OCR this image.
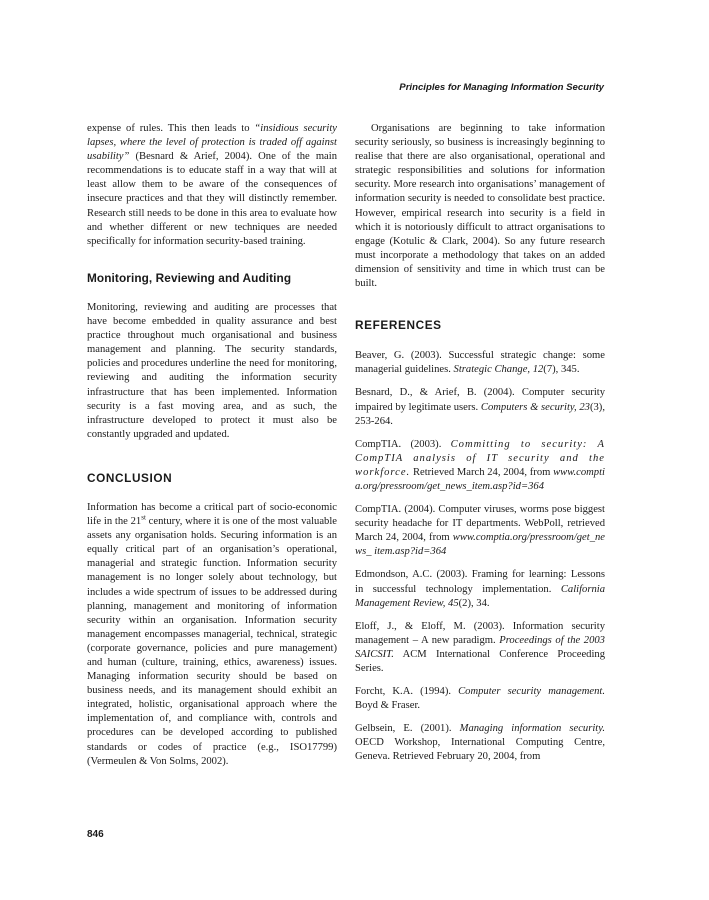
Principles for Managing Information Security

expense of rules. This then leads to “insidious security lapses, where the level of protection is traded off against usability” (Besnard & Arief, 2004). One of the main recommendations is to educate staff in a way that will at least allow them to be aware of the consequences of insecure practices and that they will distinctly remember. Research still needs to be done in this area to evaluate how and whether different or new techniques are needed specifically for information security-based training.

Monitoring, Reviewing and Auditing

Monitoring, reviewing and auditing are processes that have become embedded in quality assurance and best practice throughout much organisational and business management and planning. The security standards, policies and procedures underline the need for monitoring, reviewing and auditing the information security infrastructure that has been implemented. Information security is a fast moving area, and as such, the infrastructure developed to protect it must also be constantly upgraded and updated.

CONCLUSION

Information has become a critical part of socio-economic life in the 21st century, where it is one of the most valuable assets any organisation holds. Securing information is an equally critical part of an organisation’s operational, managerial and strategic function. Information security management is no longer solely about technology, but includes a wide spectrum of issues to be addressed during planning, management and monitoring of information security within an organisation. Information security management encompasses managerial, technical, strategic (corporate governance, policies and pure management) and human (culture, training, ethics, awareness) issues. Managing information security should be based on business needs, and its management should exhibit an integrated, holistic, organisational approach where the implementation of, and compliance with, controls and procedures can be developed according to published standards or codes of practice (e.g., ISO17799) (Vermeulen & Von Solms, 2002).

Organisations are beginning to take information security seriously, so business is increasingly beginning to realise that there are also organisational, operational and strategic responsibilities and solutions for information security. More research into organisations’ management of information security is needed to consolidate best practice. However, empirical research into security is a field in which it is notoriously difficult to attract organisations to engage (Kotulic & Clark, 2004). So any future research must incorporate a methodology that takes on an added dimension of sensitivity and time in which trust can be built.

REFERENCES

Beaver, G. (2003). Successful strategic change: some managerial guidelines. Strategic Change, 12(7), 345.

Besnard, D., & Arief, B. (2004). Computer security impaired by legitimate users. Computers & security, 23(3), 253-264.

CompTIA. (2003). Committing to security: A CompTIA analysis of IT security and the workforce. Retrieved March 24, 2004, from www.comptia.org/pressroom/get_news_item.asp?id=364

CompTIA. (2004). Computer viruses, worms pose biggest security headache for IT departments. WebPoll, retrieved March 24, 2004, from www.comptia.org/pressroom/get_news_ item.asp?id=364

Edmondson, A.C. (2003). Framing for learning: Lessons in successful technology implementation. California Management Review, 45(2), 34.

Eloff, J., & Eloff, M. (2003). Information security management – A new paradigm. Proceedings of the 2003 SAICSIT. ACM International Conference Proceeding Series.

Forcht, K.A. (1994). Computer security management. Boyd & Fraser.

Gelbsein, E. (2001). Managing information security. OECD Workshop, International Computing Centre, Geneva. Retrieved February 20, 2004, from

846
